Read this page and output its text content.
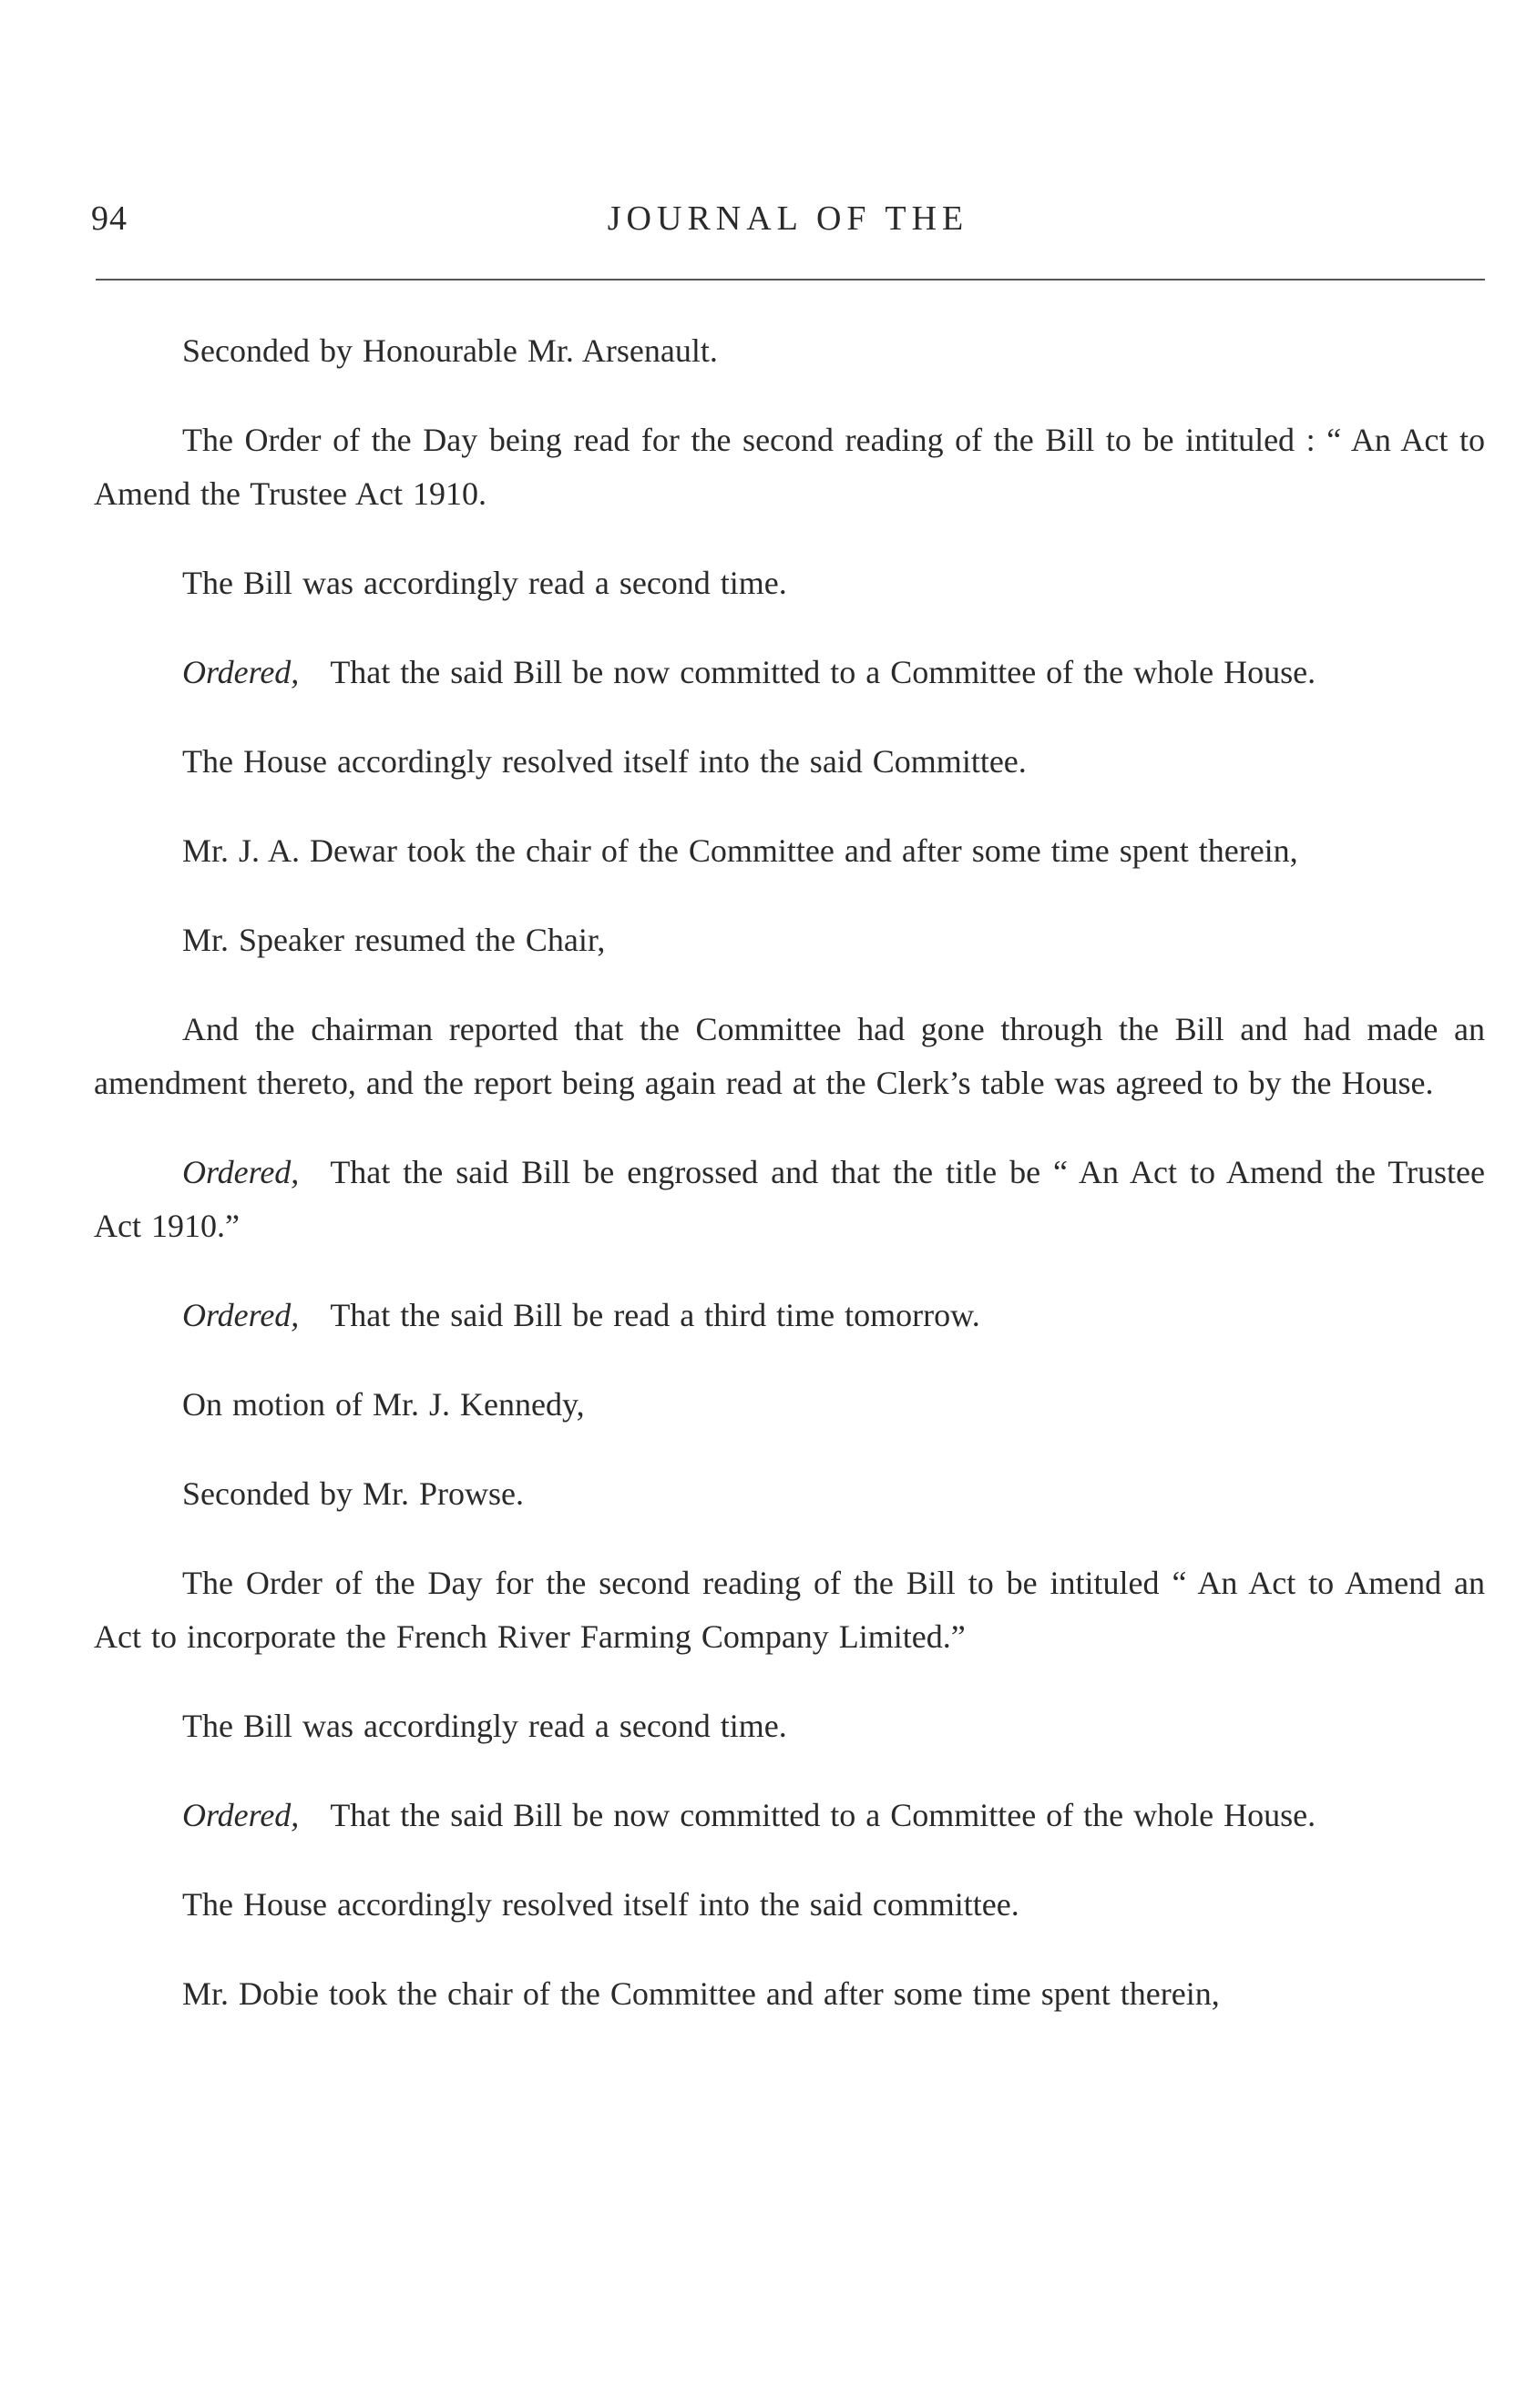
94	JOURNAL OF THE

Seconded by Honourable Mr. Arsenault.

The Order of the Day being read for the second reading of the Bill to be intituled : “ An Act to Amend the Trustee Act 1910.

The Bill was accordingly read a second time.

Ordered, That the said Bill be now committed to a Committee of the whole House.

The House accordingly resolved itself into the said Committee.

Mr. J. A. Dewar took the chair of the Committee and after some time spent therein,

Mr. Speaker resumed the Chair,

And the chairman reported that the Committee had gone through the Bill and had made an amendment thereto, and the report being again read at the Clerk’s table was agreed to by the House.

Ordered, That the said Bill be engrossed and that the title be “ An Act to Amend the Trustee Act 1910.”

Ordered, That the said Bill be read a third time tomorrow.

On motion of Mr. J. Kennedy,

Seconded by Mr. Prowse.

The Order of the Day for the second reading of the Bill to be intituled “ An Act to Amend an Act to incorporate the French River Farming Company Limited.”

The Bill was accordingly read a second time.

Ordered, That the said Bill be now committed to a Committee of the whole House.

The House accordingly resolved itself into the said committee.

Mr. Dobie took the chair of the Committee and after some time spent therein,
